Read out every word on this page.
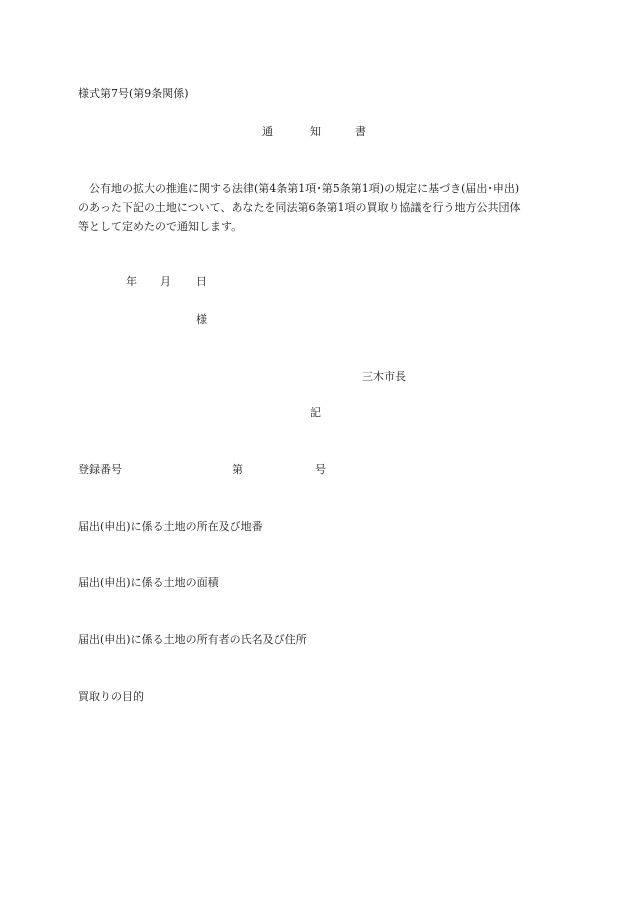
様式第7号(第9条関係)
通	知	書
公有地の拡大の推進に関する法律(第4条第1項･第5条第1項)の規定に基づき(届出･申出)
のあった下記の土地について、あなたを同法第6条第1項の買取り協議を行う地方公共団体
等として定めたので通知します。
年 月 日
様
三木市長
記
登録番号	第	号
届出(申出)に係る土地の所在及び地番
届出(申出)に係る土地の面積
届出(申出)に係る土地の所有者の氏名及び住所
買取りの目的
